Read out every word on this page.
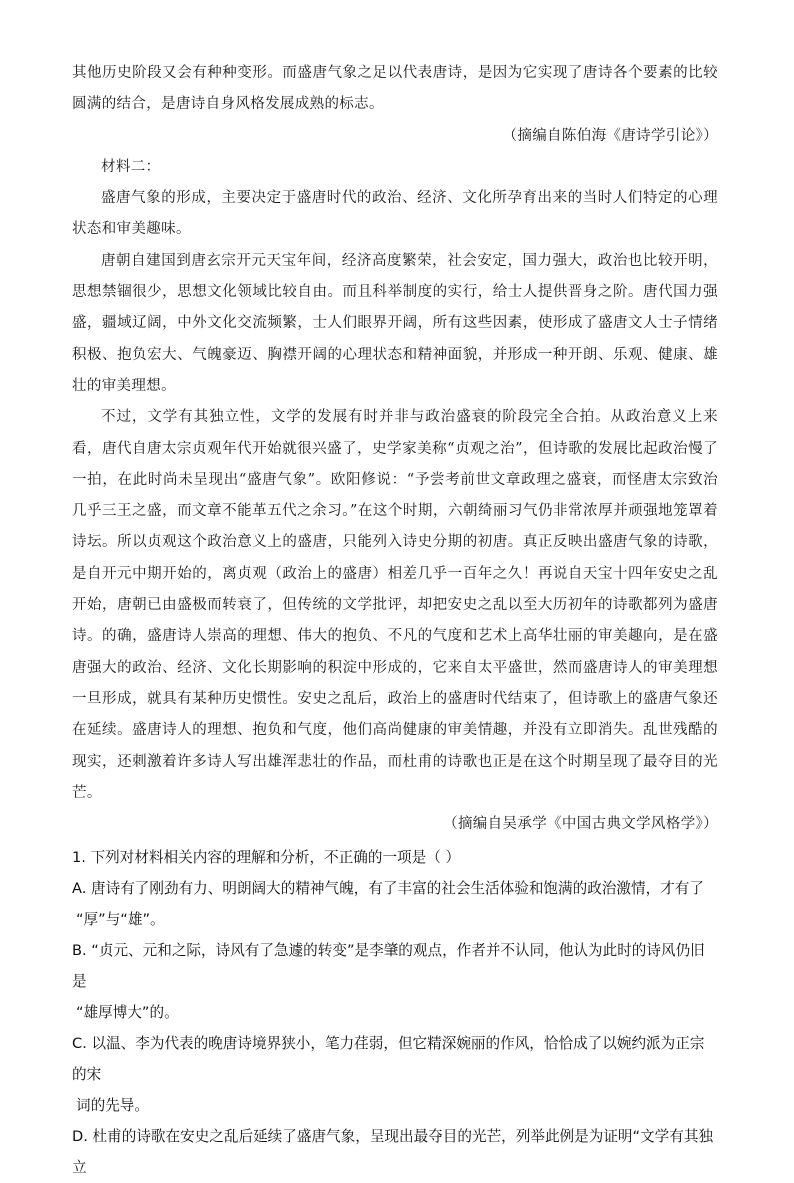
其他历史阶段又会有种种变形。而盛唐气象之足以代表唐诗，是因为它实现了唐诗各个要素的比较圆满的结合，是唐诗自身风格发展成熟的标志。

（摘编自陈伯海《唐诗学引论》）

材料二：

盛唐气象的形成，主要决定于盛唐时代的政治、经济、文化所孕育出来的当时人们特定的心理状态和审美趣味。

唐朝自建国到唐玄宗开元天宝年间，经济高度繁荣，社会安定，国力强大，政治也比较开明，思想禁锢很少，思想文化领域比较自由。而且科举制度的实行，给士人提供晋身之阶。唐代国力强盛，疆域辽阔，中外文化交流频繁，士人们眼界开阔，所有这些因素，使形成了盛唐文人士子情绪积极、抱负宏大、气魄豪迈、胸襟开阔的心理状态和精神面貌，并形成一种开朗、乐观、健康、雄壮的审美理想。

不过，文学有其独立性，文学的发展有时并非与政治盛衰的阶段完全合拍。从政治意义上来看，唐代自唐太宗贞观年代开始就很兴盛了，史学家美称“贞观之治”，但诗歌的发展比起政治慢了一拍，在此时尚未呈现出“盛唐气象”。欧阳修说：“予尝考前世文章政理之盛衰，而怪唐太宗致治几乎三王之盛，而文章不能革五代之余习。”在这个时期，六朝绮丽习气仍非常浓厚并顽强地笼罩着诗坛。所以贞观这个政治意义上的盛唐，只能列入诗史分期的初唐。真正反映出盛唐气象的诗歌，是自开元中期开始的，离贞观（政治上的盛唐）相差几乎一百年之久！再说自天宝十四年安史之乱开始，唐朝已由盛极而转衰了，但传统的文学批评，却把安史之乱以至大历初年的诗歌都列为盛唐诗。的确，盛唐诗人崇高的理想、伟大的抱负、不凡的气度和艺术上高华壮丽的审美趣向，是在盛唐强大的政治、经济、文化长期影响的积淀中形成的，它来自太平盛世，然而盛唐诗人的审美理想一旦形成，就具有某种历史惯性。安史之乱后，政治上的盛唐时代结束了，但诗歌上的盛唐气象还在延续。盛唐诗人的理想、抱负和气度，他们高尚健康的审美情趣，并没有立即消失。乱世残酷的现实，还刺激着许多诗人写出雄浑悲壮的作品，而杜甫的诗歌也正是在这个时期呈现了最夺目的光芒。

（摘编自吴承学《中国古典文学风格学》）

1. 下列对材料相关内容的理解和分析，不正确的一项是（ ）

A. 唐诗有了刚劲有力、明朗阔大的精神气魄，有了丰富的社会生活体验和饱满的政治激情，才有了

“厚”与“雄”。

B. “贞元、元和之际，诗风有了急遽的转变”是李肇的观点，作者并不认同，他认为此时的诗风仍旧是

“雄厚博大”的。

C. 以温、李为代表的晚唐诗境界狭小，笔力荏弱，但它精深婉丽的作风，恰恰成了以婉约派为正宗的宋

词的先导。

D. 杜甫的诗歌在安史之乱后延续了盛唐气象，呈现出最夺目的光芒，列举此例是为证明“文学有其独立
